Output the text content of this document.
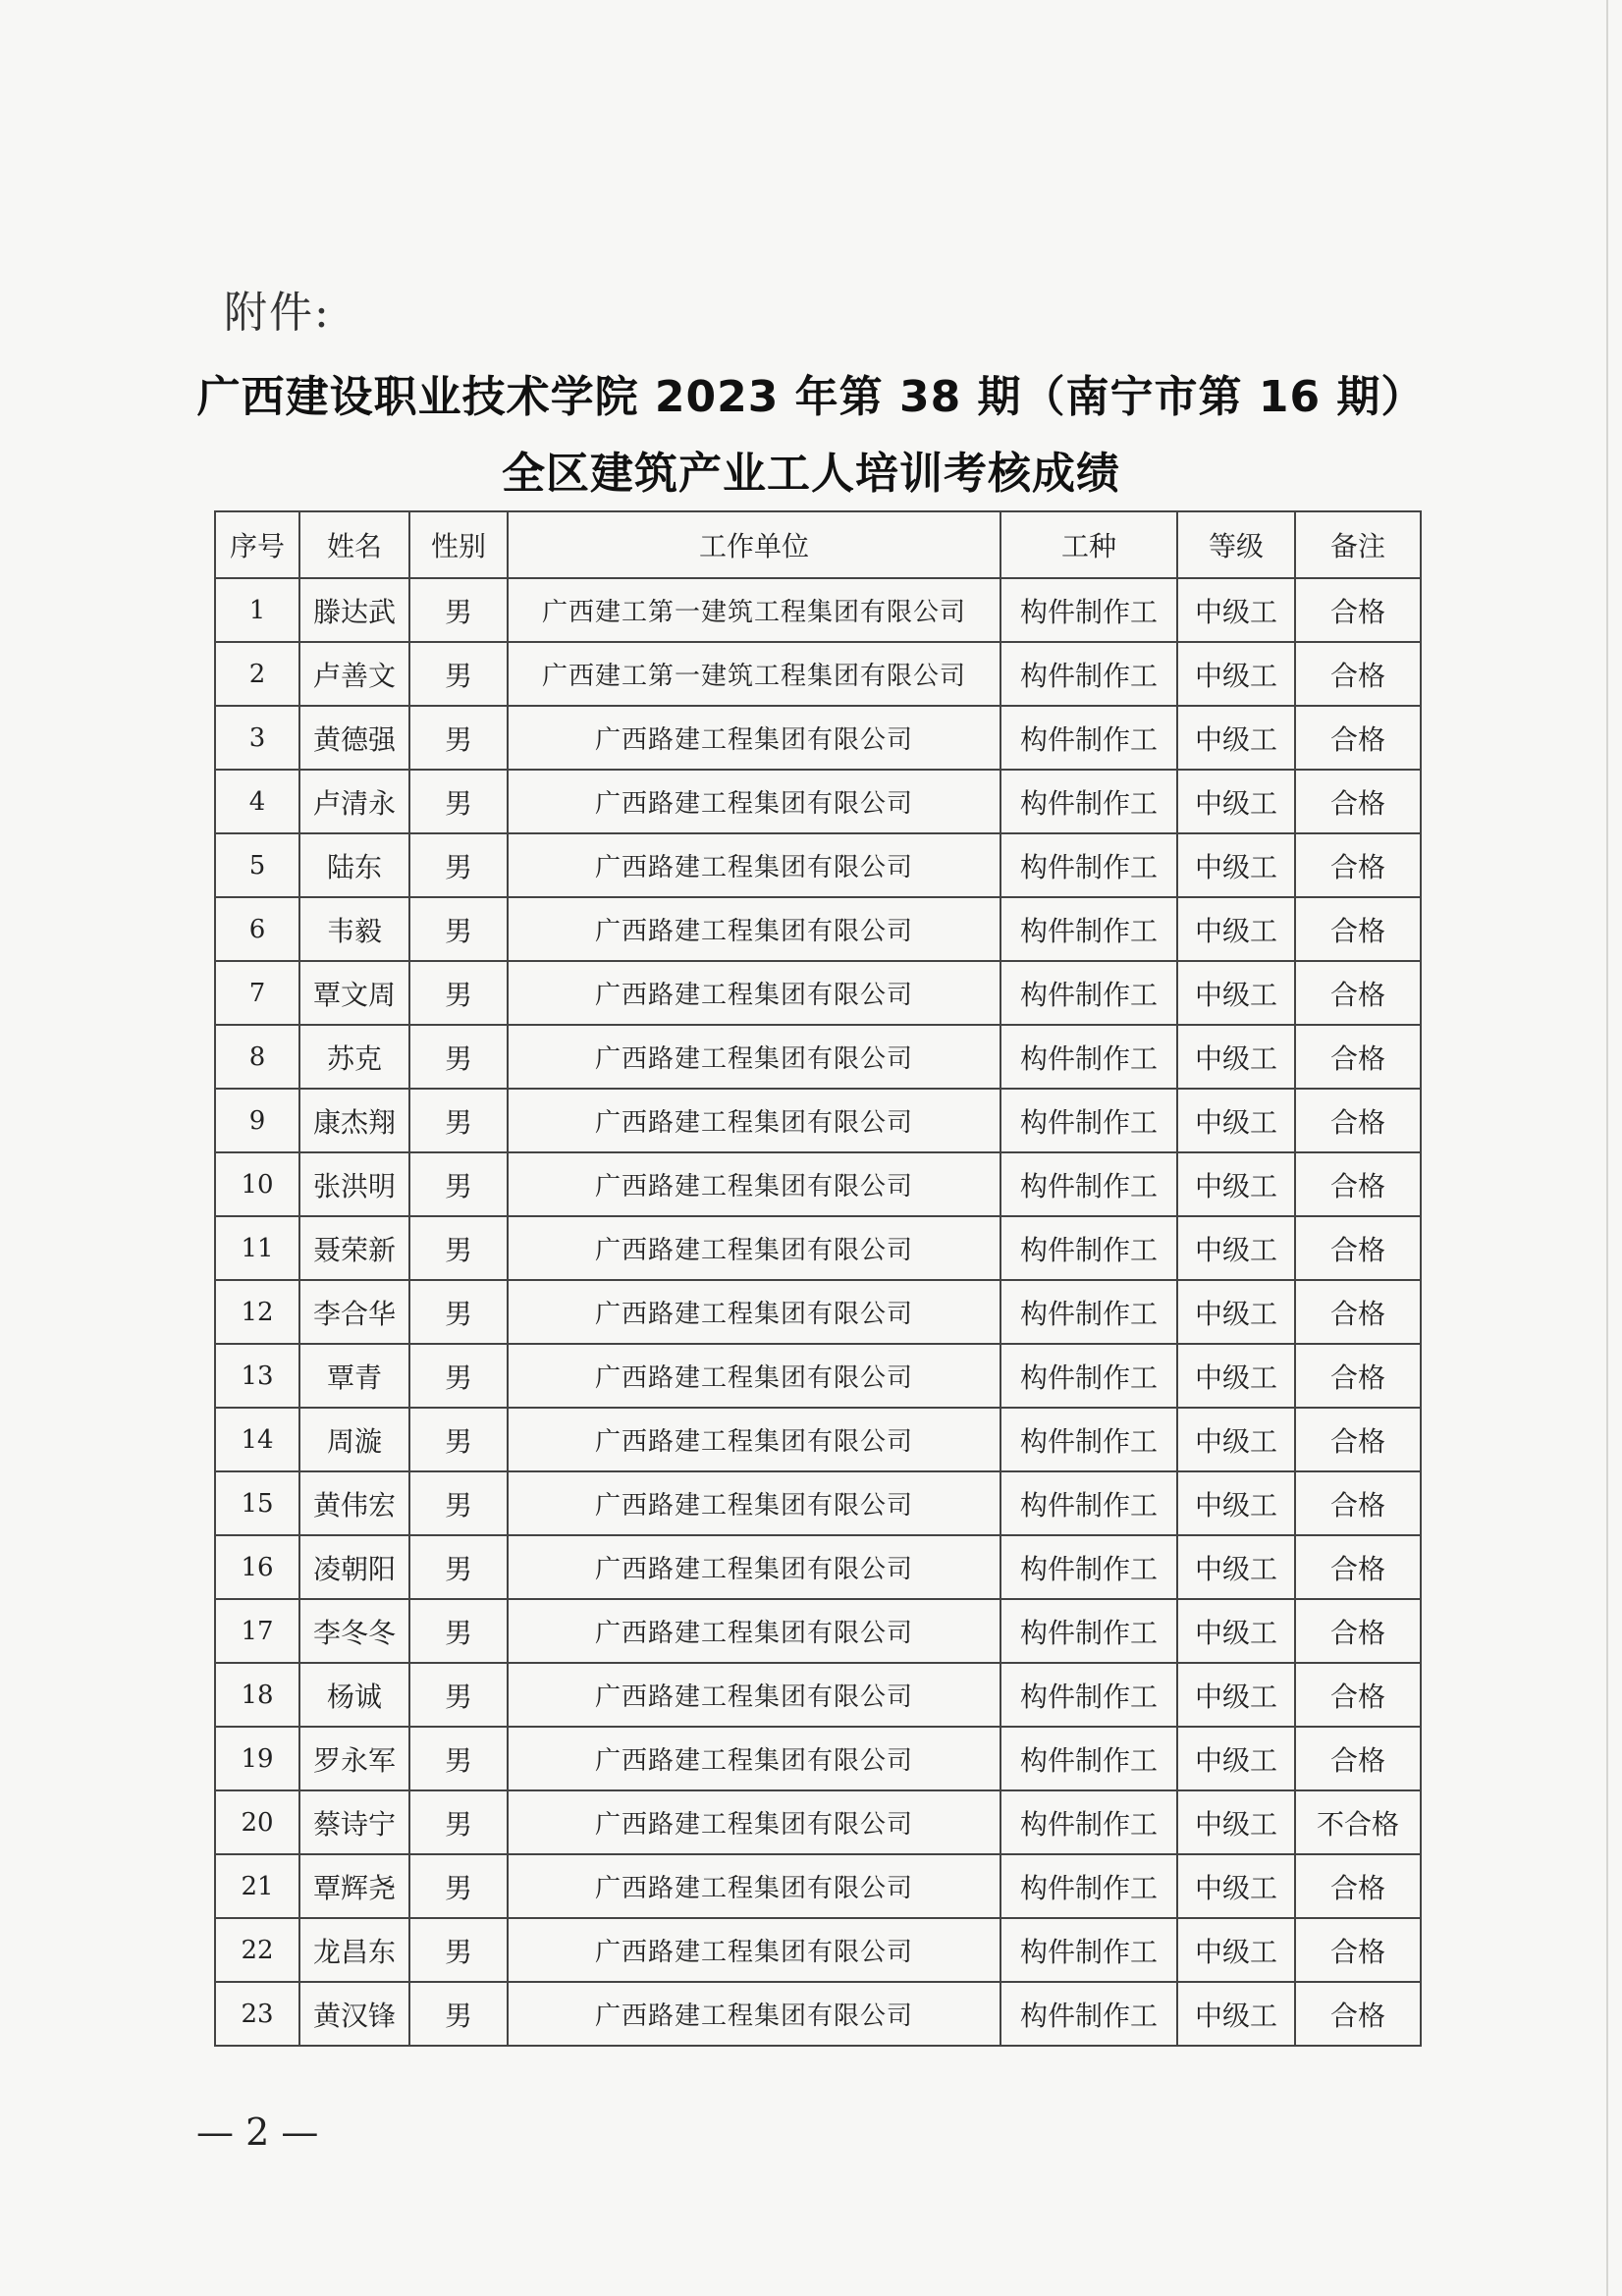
附件:
广西建设职业技术学院 2023 年第 38 期（南宁市第 16 期）
全区建筑产业工人培训考核成绩
序号	姓名	性别	工作单位	工种	等级	备注
1	滕达武	男	广西建工第一建筑工程集团有限公司	构件制作工	中级工	合格
2	卢善文	男	广西建工第一建筑工程集团有限公司	构件制作工	中级工	合格
3	黄德强	男	广西路建工程集团有限公司	构件制作工	中级工	合格
4	卢清永	男	广西路建工程集团有限公司	构件制作工	中级工	合格
5	陆东	男	广西路建工程集团有限公司	构件制作工	中级工	合格
6	韦毅	男	广西路建工程集团有限公司	构件制作工	中级工	合格
7	覃文周	男	广西路建工程集团有限公司	构件制作工	中级工	合格
8	苏克	男	广西路建工程集团有限公司	构件制作工	中级工	合格
9	康杰翔	男	广西路建工程集团有限公司	构件制作工	中级工	合格
10	张洪明	男	广西路建工程集团有限公司	构件制作工	中级工	合格
11	聂荣新	男	广西路建工程集团有限公司	构件制作工	中级工	合格
12	李合华	男	广西路建工程集团有限公司	构件制作工	中级工	合格
13	覃青	男	广西路建工程集团有限公司	构件制作工	中级工	合格
14	周漩	男	广西路建工程集团有限公司	构件制作工	中级工	合格
15	黄伟宏	男	广西路建工程集团有限公司	构件制作工	中级工	合格
16	凌朝阳	男	广西路建工程集团有限公司	构件制作工	中级工	合格
17	李冬冬	男	广西路建工程集团有限公司	构件制作工	中级工	合格
18	杨诚	男	广西路建工程集团有限公司	构件制作工	中级工	合格
19	罗永军	男	广西路建工程集团有限公司	构件制作工	中级工	合格
20	蔡诗宁	男	广西路建工程集团有限公司	构件制作工	中级工	不合格
21	覃辉尧	男	广西路建工程集团有限公司	构件制作工	中级工	合格
22	龙昌东	男	广西路建工程集团有限公司	构件制作工	中级工	合格
23	黄汉锋	男	广西路建工程集团有限公司	构件制作工	中级工	合格
— 2 —
